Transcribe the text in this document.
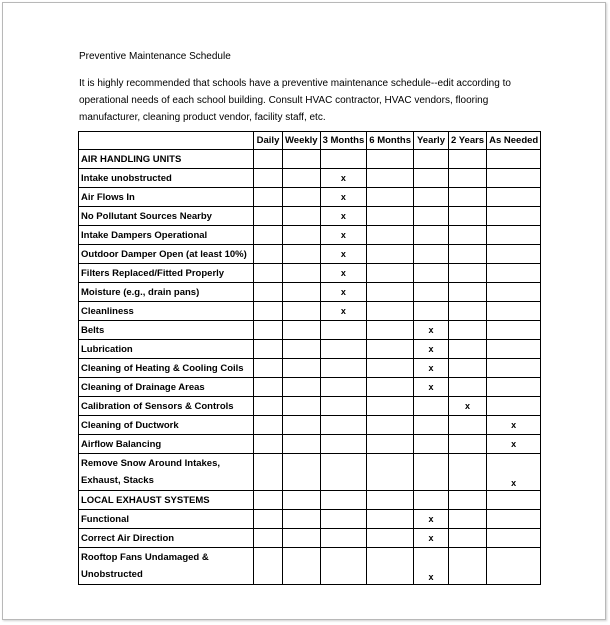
Preventive Maintenance Schedule

It is highly recommended that schools have a preventive maintenance schedule--edit according to operational needs of each school building. Consult HVAC contractor, HVAC vendors, flooring manufacturer, cleaning product vendor, facility staff, etc.

	Daily	Weekly	3 Months	6 Months	Yearly	2 Years	As Needed
AIR HANDLING UNITS							
Intake unobstructed			x				
Air Flows In			x				
No Pollutant Sources Nearby			x				
Intake Dampers Operational			x				
Outdoor Damper Open (at least 10%)			x				
Filters Replaced/Fitted Properly			x				
Moisture (e.g., drain pans)			x				
Cleanliness			x				
Belts					x		
Lubrication					x		
Cleaning of Heating & Cooling Coils					x		
Cleaning of Drainage Areas					x		
Calibration of Sensors & Controls						x	
Cleaning of Ductwork							x
Airflow Balancing							x
Remove Snow Around Intakes,
Exhaust, Stacks							x
LOCAL EXHAUST SYSTEMS							
Functional					x		
Correct Air Direction					x		
Rooftop Fans Undamaged &
Unobstructed					x		
